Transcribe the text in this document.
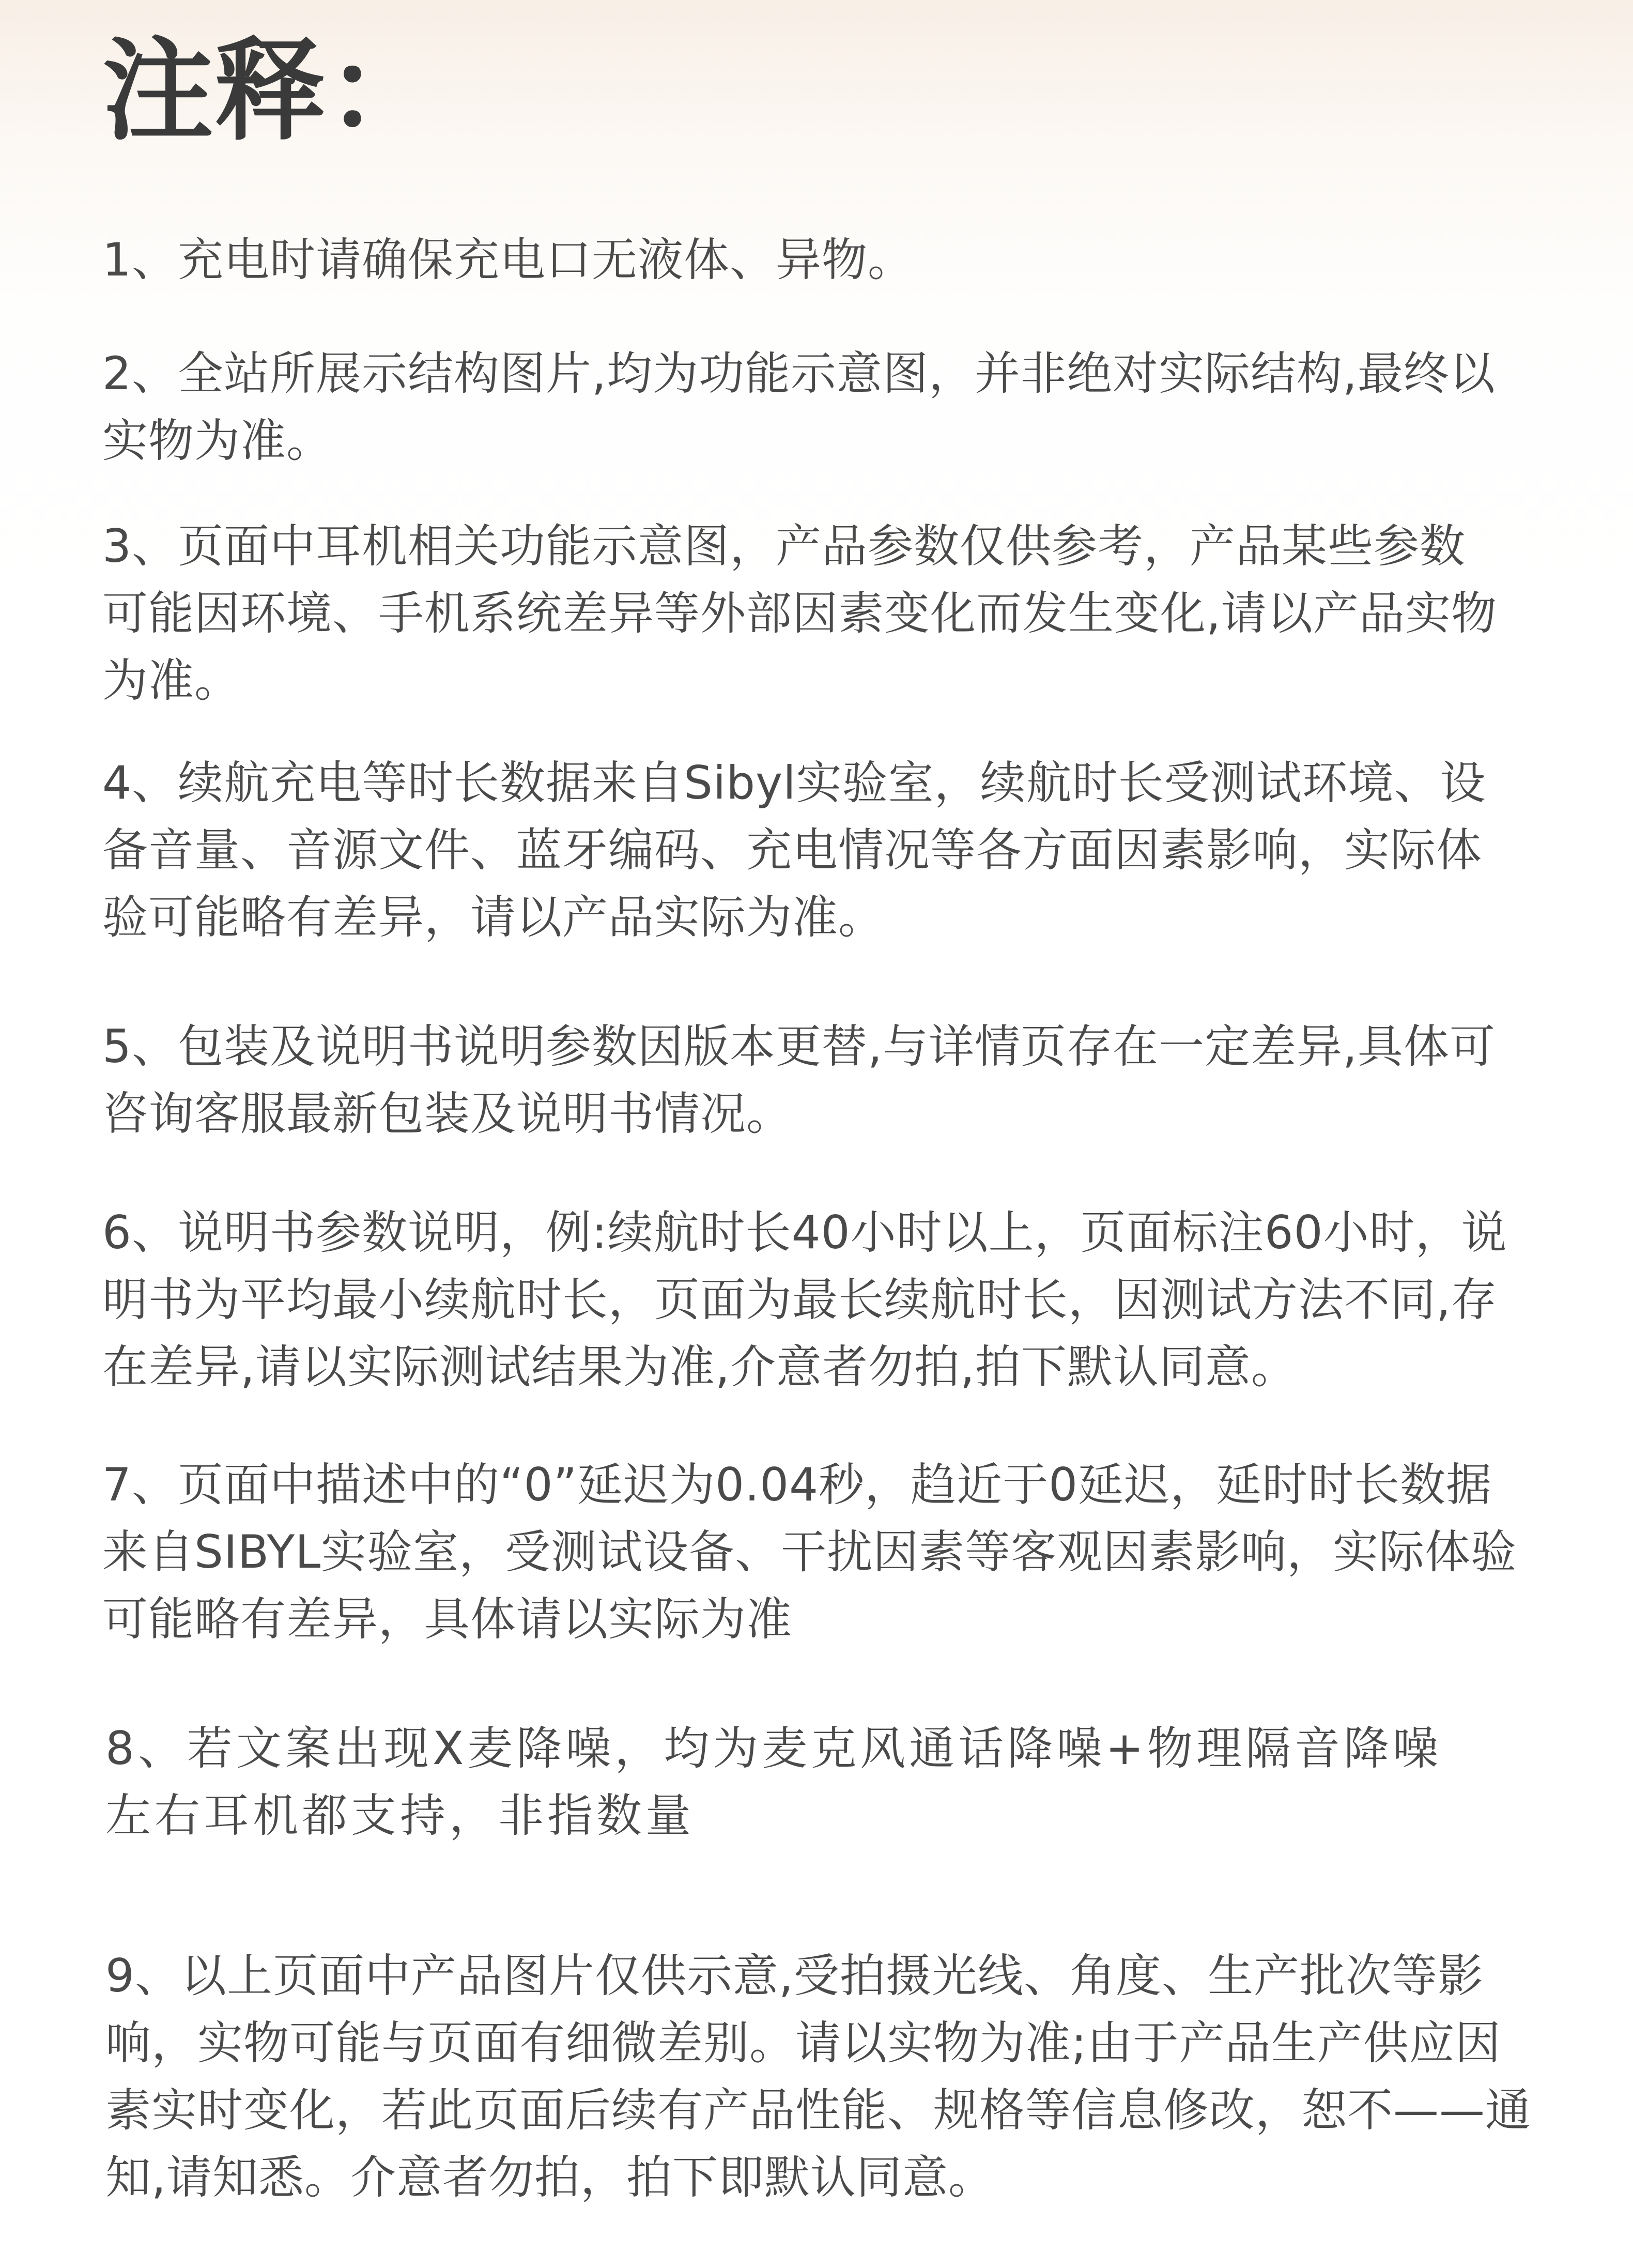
注释：

1、充电时请确保充电口无液体、异物。

2、全站所展示结构图片,均为功能示意图，并非绝对实际结构,最终以
实物为准。

3、页面中耳机相关功能示意图，产品参数仅供参考，产品某些参数
可能因环境、手机系统差异等外部因素变化而发生变化,请以产品实物
为准。

4、续航充电等时长数据来自Sibyl实验室，续航时长受测试环境、设
备音量、音源文件、蓝牙编码、充电情况等各方面因素影响，实际体
验可能略有差异，请以产品实际为准。

5、包装及说明书说明参数因版本更替,与详情页存在一定差异,具体可
咨询客服最新包装及说明书情况。

6、说明书参数说明，例:续航时长40小时以上，页面标注60小时，说
明书为平均最小续航时长，页面为最长续航时长，因测试方法不同,存
在差异,请以实际测试结果为准,介意者勿拍,拍下默认同意。

7、页面中描述中的“0”延迟为0.04秒，趋近于0延迟，延时时长数据
来自SIBYL实验室，受测试设备、干扰因素等客观因素影响，实际体验
可能略有差异，具体请以实际为准

8、若文案出现X麦降噪，均为麦克风通话降噪+物理隔音降噪
左右耳机都支持，非指数量

9、以上页面中产品图片仅供示意,受拍摄光线、角度、生产批次等影
响，实物可能与页面有细微差别。请以实物为准;由于产品生产供应因
素实时变化，若此页面后续有产品性能、规格等信息修改，恕不——通
知,请知悉。介意者勿拍，拍下即默认同意。
